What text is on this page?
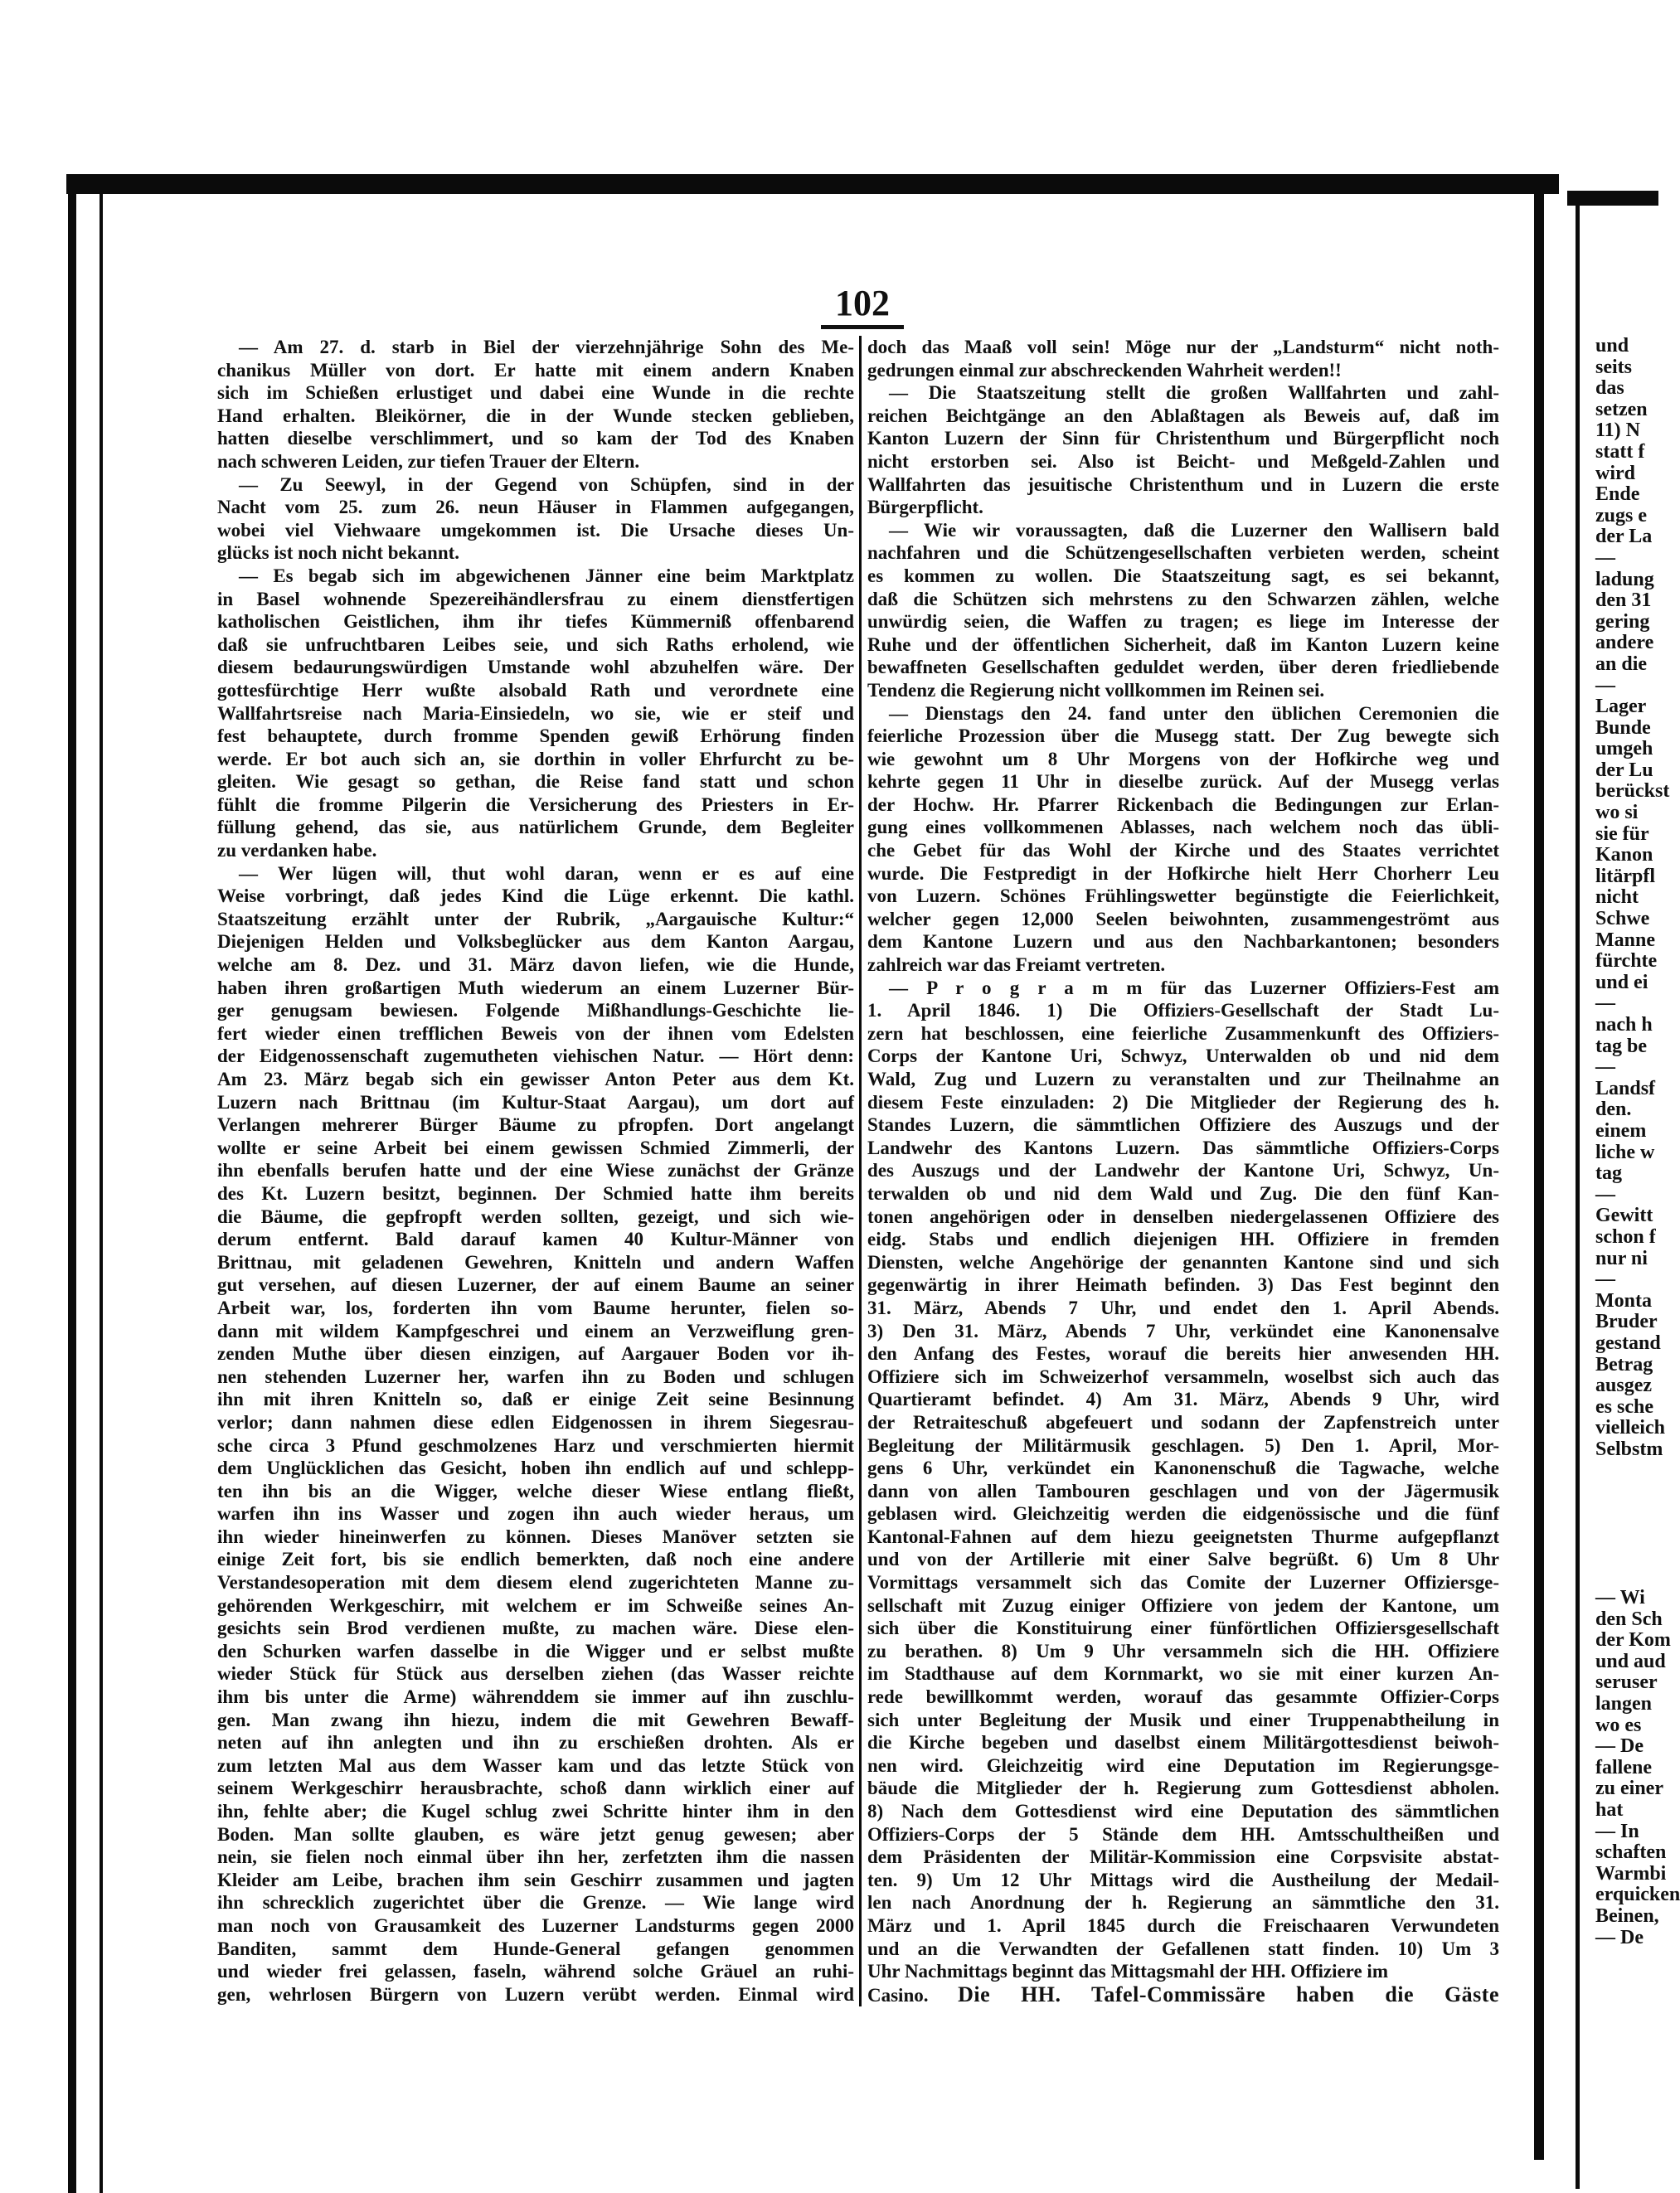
102
— Am 27. d. starb in Biel der vierzehnjährige Sohn des Me-
chanikus Müller von dort. Er hatte mit einem andern Knaben
sich im Schießen erlustiget und dabei eine Wunde in die rechte
Hand erhalten. Bleikörner, die in der Wunde stecken geblieben,
hatten dieselbe verschlimmert, und so kam der Tod des Knaben
nach schweren Leiden, zur tiefen Trauer der Eltern.
— Zu Seewyl, in der Gegend von Schüpfen, sind in der
Nacht vom 25. zum 26. neun Häuser in Flammen aufgegangen,
wobei viel Viehwaare umgekommen ist. Die Ursache dieses Un-
glücks ist noch nicht bekannt.
— Es begab sich im abgewichenen Jänner eine beim Marktplatz
in Basel wohnende Spezereihändlersfrau zu einem dienstfertigen
katholischen Geistlichen, ihm ihr tiefes Kümmerniß offenbarend
daß sie unfruchtbaren Leibes seie, und sich Raths erholend, wie
diesem bedaurungswürdigen Umstande wohl abzuhelfen wäre. Der
gottesfürchtige Herr wußte alsobald Rath und verordnete eine
Wallfahrtsreise nach Maria-Einsiedeln, wo sie, wie er steif und
fest behauptete, durch fromme Spenden gewiß Erhörung finden
werde. Er bot auch sich an, sie dorthin in voller Ehrfurcht zu be-
gleiten. Wie gesagt so gethan, die Reise fand statt und schon
fühlt die fromme Pilgerin die Versicherung des Priesters in Er-
füllung gehend, das sie, aus natürlichem Grunde, dem Begleiter
zu verdanken habe.
— Wer lügen will, thut wohl daran, wenn er es auf eine
Weise vorbringt, daß jedes Kind die Lüge erkennt. Die kathl.
Staatszeitung erzählt unter der Rubrik, „Aargauische Kultur:“
Diejenigen Helden und Volksbeglücker aus dem Kanton Aargau,
welche am 8. Dez. und 31. März davon liefen, wie die Hunde,
haben ihren großartigen Muth wiederum an einem Luzerner Bür-
ger genugsam bewiesen. Folgende Mißhandlungs-Geschichte lie-
fert wieder einen trefflichen Beweis von der ihnen vom Edelsten
der Eidgenossenschaft zugemutheten viehischen Natur. — Hört denn:
Am 23. März begab sich ein gewisser Anton Peter aus dem Kt.
Luzern nach Brittnau (im Kultur-Staat Aargau), um dort auf
Verlangen mehrerer Bürger Bäume zu pfropfen. Dort angelangt
wollte er seine Arbeit bei einem gewissen Schmied Zimmerli, der
ihn ebenfalls berufen hatte und der eine Wiese zunächst der Gränze
des Kt. Luzern besitzt, beginnen. Der Schmied hatte ihm bereits
die Bäume, die gepfropft werden sollten, gezeigt, und sich wie-
derum entfernt. Bald darauf kamen 40 Kultur-Männer von
Brittnau, mit geladenen Gewehren, Knitteln und andern Waffen
gut versehen, auf diesen Luzerner, der auf einem Baume an seiner
Arbeit war, los, forderten ihn vom Baume herunter, fielen so-
dann mit wildem Kampfgeschrei und einem an Verzweiflung gren-
zenden Muthe über diesen einzigen, auf Aargauer Boden vor ih-
nen stehenden Luzerner her, warfen ihn zu Boden und schlugen
ihn mit ihren Knitteln so, daß er einige Zeit seine Besinnung
verlor; dann nahmen diese edlen Eidgenossen in ihrem Siegesrau-
sche circa 3 Pfund geschmolzenes Harz und verschmierten hiermit
dem Unglücklichen das Gesicht, hoben ihn endlich auf und schlepp-
ten ihn bis an die Wigger, welche dieser Wiese entlang fließt,
warfen ihn ins Wasser und zogen ihn auch wieder heraus, um
ihn wieder hineinwerfen zu können. Dieses Manöver setzten sie
einige Zeit fort, bis sie endlich bemerkten, daß noch eine andere
Verstandesoperation mit dem diesem elend zugerichteten Manne zu-
gehörenden Werkgeschirr, mit welchem er im Schweiße seines An-
gesichts sein Brod verdienen mußte, zu machen wäre. Diese elen-
den Schurken warfen dasselbe in die Wigger und er selbst mußte
wieder Stück für Stück aus derselben ziehen (das Wasser reichte
ihm bis unter die Arme) währenddem sie immer auf ihn zuschlu-
gen. Man zwang ihn hiezu, indem die mit Gewehren Bewaff-
neten auf ihn anlegten und ihn zu erschießen drohten. Als er
zum letzten Mal aus dem Wasser kam und das letzte Stück von
seinem Werkgeschirr herausbrachte, schoß dann wirklich einer auf
ihn, fehlte aber; die Kugel schlug zwei Schritte hinter ihm in den
Boden. Man sollte glauben, es wäre jetzt genug gewesen; aber
nein, sie fielen noch einmal über ihn her, zerfetzten ihm die nassen
Kleider am Leibe, brachen ihm sein Geschirr zusammen und jagten
ihn schrecklich zugerichtet über die Grenze. — Wie lange wird
man noch von Grausamkeit des Luzerner Landsturms gegen 2000
Banditen, sammt dem Hunde-General gefangen genommen
und wieder frei gelassen, faseln, während solche Gräuel an ruhi-
gen, wehrlosen Bürgern von Luzern verübt werden. Einmal wird
doch das Maaß voll sein! Möge nur der „Landsturm“ nicht noth-
gedrungen einmal zur abschreckenden Wahrheit werden!!
— Die Staatszeitung stellt die großen Wallfahrten und zahl-
reichen Beichtgänge an den Ablaßtagen als Beweis auf, daß im
Kanton Luzern der Sinn für Christenthum und Bürgerpflicht noch
nicht erstorben sei. Also ist Beicht- und Meßgeld-Zahlen und
Wallfahrten das jesuitische Christenthum und in Luzern die erste
Bürgerpflicht.
— Wie wir voraussagten, daß die Luzerner den Wallisern bald
nachfahren und die Schützengesellschaften verbieten werden, scheint
es kommen zu wollen. Die Staatszeitung sagt, es sei bekannt,
daß die Schützen sich mehrstens zu den Schwarzen zählen, welche
unwürdig seien, die Waffen zu tragen; es liege im Interesse der
Ruhe und der öffentlichen Sicherheit, daß im Kanton Luzern keine
bewaffneten Gesellschaften geduldet werden, über deren friedliebende
Tendenz die Regierung nicht vollkommen im Reinen sei.
— Dienstags den 24. fand unter den üblichen Ceremonien die
feierliche Prozession über die Musegg statt. Der Zug bewegte sich
wie gewohnt um 8 Uhr Morgens von der Hofkirche weg und
kehrte gegen 11 Uhr in dieselbe zurück. Auf der Musegg verlas
der Hochw. Hr. Pfarrer Rickenbach die Bedingungen zur Erlan-
gung eines vollkommenen Ablasses, nach welchem noch das übli-
che Gebet für das Wohl der Kirche und des Staates verrichtet
wurde. Die Festpredigt in der Hofkirche hielt Herr Chorherr Leu
von Luzern. Schönes Frühlingswetter begünstigte die Feierlichkeit,
welcher gegen 12,000 Seelen beiwohnten, zusammengeströmt aus
dem Kantone Luzern und aus den Nachbarkantonen; besonders
zahlreich war das Freiamt vertreten.
— P r o g r a m m für das Luzerner Offiziers-Fest am
1. April 1846. 1) Die Offiziers-Gesellschaft der Stadt Lu-
zern hat beschlossen, eine feierliche Zusammenkunft des Offiziers-
Corps der Kantone Uri, Schwyz, Unterwalden ob und nid dem
Wald, Zug und Luzern zu veranstalten und zur Theilnahme an
diesem Feste einzuladen: 2) Die Mitglieder der Regierung des h.
Standes Luzern, die sämmtlichen Offiziere des Auszugs und der
Landwehr des Kantons Luzern. Das sämmtliche Offiziers-Corps
des Auszugs und der Landwehr der Kantone Uri, Schwyz, Un-
terwalden ob und nid dem Wald und Zug. Die den fünf Kan-
tonen angehörigen oder in denselben niedergelassenen Offiziere des
eidg. Stabs und endlich diejenigen HH. Offiziere in fremden
Diensten, welche Angehörige der genannten Kantone sind und sich
gegenwärtig in ihrer Heimath befinden. 3) Das Fest beginnt den
31. März, Abends 7 Uhr, und endet den 1. April Abends.
3) Den 31. März, Abends 7 Uhr, verkündet eine Kanonensalve
den Anfang des Festes, worauf die bereits hier anwesenden HH.
Offiziere sich im Schweizerhof versammeln, woselbst sich auch das
Quartieramt befindet. 4) Am 31. März, Abends 9 Uhr, wird
der Retraiteschuß abgefeuert und sodann der Zapfenstreich unter
Begleitung der Militärmusik geschlagen. 5) Den 1. April, Mor-
gens 6 Uhr, verkündet ein Kanonenschuß die Tagwache, welche
dann von allen Tambouren geschlagen und von der Jägermusik
geblasen wird. Gleichzeitig werden die eidgenössische und die fünf
Kantonal-Fahnen auf dem hiezu geeignetsten Thurme aufgepflanzt
und von der Artillerie mit einer Salve begrüßt. 6) Um 8 Uhr
Vormittags versammelt sich das Comite der Luzerner Offiziersge-
sellschaft mit Zuzug einiger Offiziere von jedem der Kantone, um
sich über die Konstituirung einer fünförtlichen Offiziersgesellschaft
zu berathen. 8) Um 9 Uhr versammeln sich die HH. Offiziere
im Stadthause auf dem Kornmarkt, wo sie mit einer kurzen An-
rede bewillkommt werden, worauf das gesammte Offizier-Corps
sich unter Begleitung der Musik und einer Truppenabtheilung in
die Kirche begeben und daselbst einem Militärgottesdienst beiwoh-
nen wird. Gleichzeitig wird eine Deputation im Regierungsge-
bäude die Mitglieder der h. Regierung zum Gottesdienst abholen.
8) Nach dem Gottesdienst wird eine Deputation des sämmtlichen
Offiziers-Corps der 5 Stände dem HH. Amtsschultheißen und
dem Präsidenten der Militär-Kommission eine Corpsvisite abstat-
ten. 9) Um 12 Uhr Mittags wird die Austheilung der Medail-
len nach Anordnung der h. Regierung an sämmtliche den 31.
März und 1. April 1845 durch die Freischaaren Verwundeten
und an die Verwandten der Gefallenen statt finden. 10) Um 3
Uhr Nachmittags beginnt das Mittagsmahl der HH. Offiziere im
Casino. Die HH. Tafel-Commissäre haben die Gäste
und
seits
das
setzen
11) N
statt f
wird
Ende
zugs e
der La
—
ladung
den 31
gering
andere
an die
—
Lager
Bunde
umgeh
der Lu
berückst
wo si
sie für
Kanon
litärpfl
nicht
Schwe
Manne
fürchte
und ei
—
nach h
tag be
—
Landsf
den.
einem
liche w
tag
—
Gewitt
schon f
nur ni
—
Monta
Bruder
gestand
Betrag
ausgez
es sche
vielleich
Selbstm
— Wi
den Sch
der Kom
und aud
seruser
langen
wo es
— De
fallene
zu einer
hat
— In
schaften
Warmbi
erquicken
Beinen,
— De
